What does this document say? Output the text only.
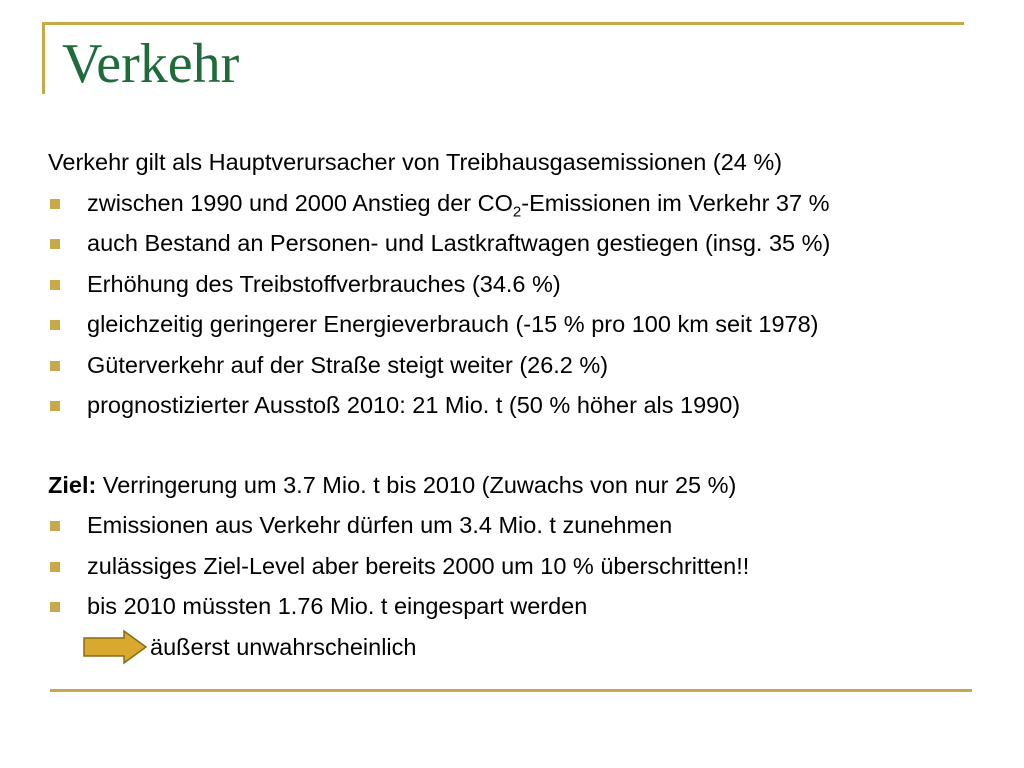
Verkehr
Verkehr gilt als Hauptverursacher von Treibhausgasemissionen (24 %)
zwischen 1990 und 2000 Anstieg der $CO_2$-Emissionen im Verkehr 37 %
auch Bestand an Personen- und Lastkraftwagen gestiegen (insg. 35 %)
Erhöhung des Treibstoffverbrauches (34.6 %)
gleichzeitig geringerer Energieverbrauch (-15 % pro 100 km seit 1978)
Güterverkehr auf der Straße steigt weiter (26.2 %)
prognostizierter Ausstoß 2010: 21 Mio. t (50 % höher als 1990)
Ziel: Verringerung um 3.7 Mio. t bis 2010 (Zuwachs von nur 25 %)
Emissionen aus Verkehr dürfen um 3.4 Mio. t zunehmen
zulässiges Ziel-Level aber bereits 2000 um 10 % überschritten!!
bis 2010 müssten 1.76 Mio. t eingespart werden
äußerst unwahrscheinlich
